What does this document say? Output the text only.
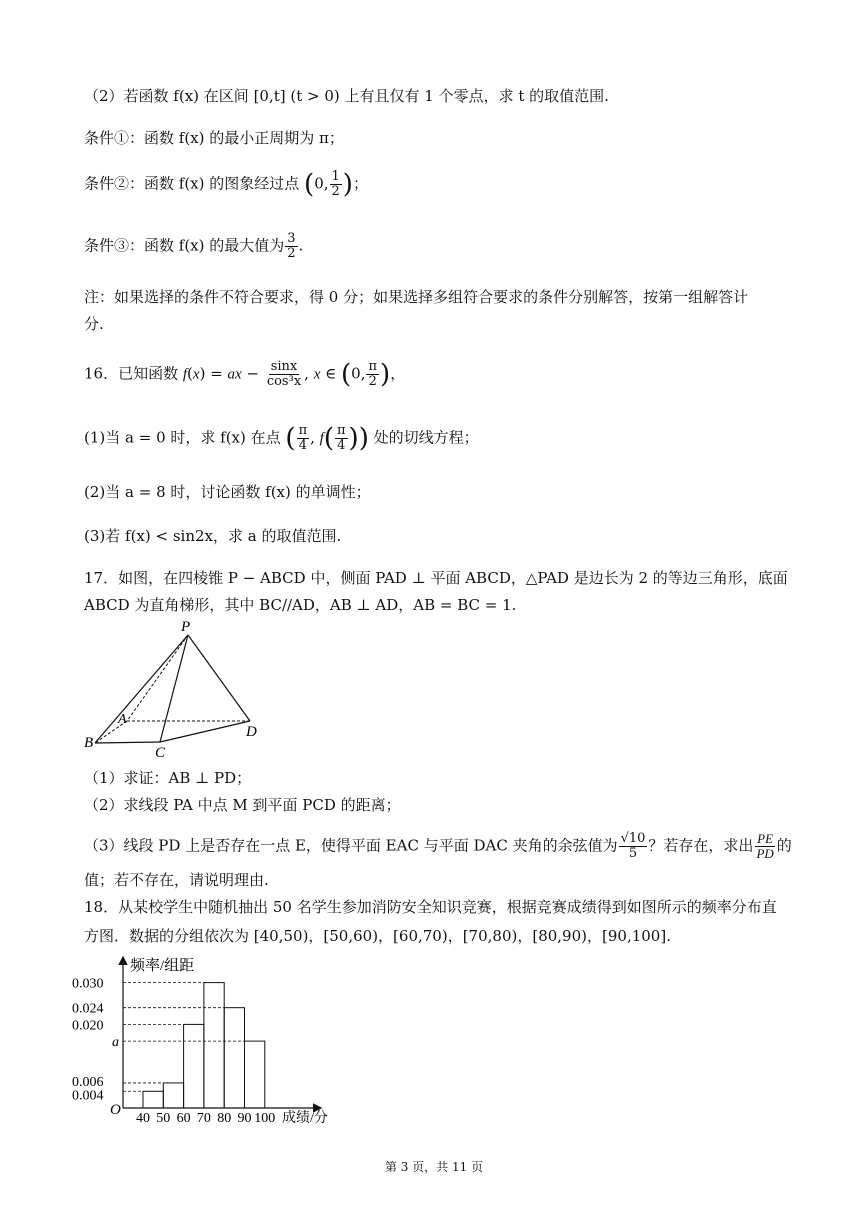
（2）若函数 f(x) 在区间 [0,t] (t > 0) 上有且仅有 1 个零点，求 t 的取值范围.
条件①：函数 f(x) 的最小正周期为 π；
条件②：函数 f(x) 的图象经过点 (0, $\frac{1}{2}$ )；
条件③：函数 f(x) 的最大值为 $\frac{3}{2}$ .
注：如果选择的条件不符合要求，得 0 分；如果选择多组符合要求的条件分别解答，按第一组解答计
分.
16．已知函数 f(x) = ax − $\frac{\sin x}{\text{cos³x}}$ , x ∈ (0, $\frac{\pi}{2}$ )，
(1)当 a = 0 时，求 f(x) 在点 ( $\frac{\pi}{4}$ , $f( \frac{\pi}{4}$ )) 处的切线方程；
(2)当 a = 8 时，讨论函数 f(x) 的单调性；
(3)若 f(x) < sin2x，求 a 的取值范围.
17．如图，在四棱锥 P − ABCD 中，侧面 PAD ⊥ 平面 ABCD，△PAD 是边长为 2 的等边三角形，底面
ABCD 为直角梯形，其中 BC//AD，AB ⊥ AD，AB = BC = 1.
P
A
B
C
D
（1）求证：AB ⊥ PD；
（2）求线段 PA 中点 M 到平面 PCD 的距离；
（3）线段 PD 上是否存在一点 E，使得平面 EAC 与平面 DAC 夹角的余弦值为 $\frac{√10}{5}$ ？若存在，求出 $\frac{PE}{PD}$ 的
值；若不存在，请说明理由.
18．从某校学生中随机抽出 50 名学生参加消防安全知识竞赛，根据竞赛成绩得到如图所示的频率分布直
方图．数据的分组依次为 [40,50)，[50,60)，[60,70)，[70,80)，[80,90)，[90,100].
频率/组距
成绩/分
O
0.030
0.024
0.020
a
0.006
0.004
40 50 60 70 80 90 100
第 3 页，共 11 页
